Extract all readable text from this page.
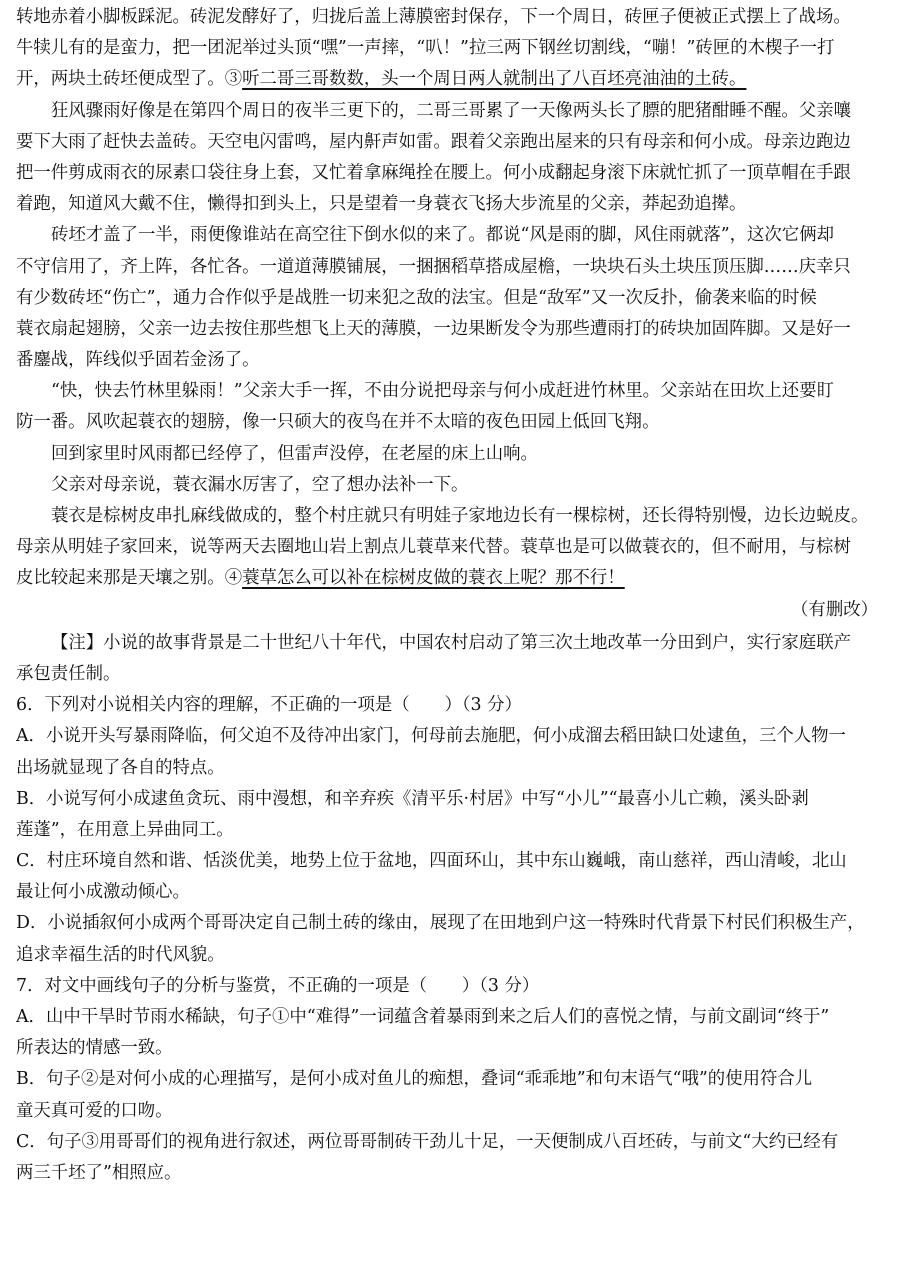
转地赤着小脚板踩泥。砖泥发酵好了，归拢后盖上薄膜密封保存，下一个周日，砖匣子便被正式摆上了战场。
牛犊儿有的是蛮力，把一团泥举过头顶“嘿”一声摔，“叭！”拉三两下钢丝切割线，“嘣！”砖匣的木楔子一打
开，两块土砖坯便成型了。③听二哥三哥数数，头一个周日两人就制出了八百坯亮油油的土砖。
狂风骤雨好像是在第四个周日的夜半三更下的，二哥三哥累了一天像两头长了膘的肥猪酣睡不醒。父亲嚷
要下大雨了赶快去盖砖。天空电闪雷鸣，屋内鼾声如雷。跟着父亲跑出屋来的只有母亲和何小成。母亲边跑边
把一件剪成雨衣的尿素口袋往身上套，又忙着拿麻绳拴在腰上。何小成翻起身滚下床就忙抓了一顶草帽在手跟
着跑，知道风大戴不住，懒得扣到头上，只是望着一身蓑衣飞扬大步流星的父亲，莽起劲追撵。
砖坯才盖了一半，雨便像谁站在高空往下倒水似的来了。都说“风是雨的脚，风住雨就落”，这次它俩却
不守信用了，齐上阵，各忙各。一道道薄膜铺展，一捆捆稻草搭成屋檐，一块块石头土块压顶压脚……庆幸只
有少数砖坯“伤亡”，通力合作似乎是战胜一切来犯之敌的法宝。但是“敌军”又一次反扑，偷袭来临的时候
蓑衣扇起翅膀，父亲一边去按住那些想飞上天的薄膜，一边果断发令为那些遭雨打的砖块加固阵脚。又是好一
番鏖战，阵线似乎固若金汤了。
“快，快去竹林里躲雨！”父亲大手一挥，不由分说把母亲与何小成赶进竹林里。父亲站在田坎上还要盯
防一番。风吹起蓑衣的翅膀，像一只硕大的夜鸟在并不太暗的夜色田园上低回飞翔。
回到家里时风雨都已经停了，但雷声没停，在老屋的床上山响。
父亲对母亲说，蓑衣漏水厉害了，空了想办法补一下。
蓑衣是棕树皮串扎麻线做成的，整个村庄就只有明娃子家地边长有一棵棕树，还长得特别慢，边长边蜕皮。
母亲从明娃子家回来，说等两天去圈地山岩上割点儿蓑草来代替。蓑草也是可以做蓑衣的，但不耐用，与棕树
皮比较起来那是天壤之别。④蓑草怎么可以补在棕树皮做的蓑衣上呢？那不行！
（有删改）
【注】小说的故事背景是二十世纪八十年代，中国农村启动了第三次土地改革一分田到户，实行家庭联产
承包责任制。
6．下列对小说相关内容的理解，不正确的一项是（　　）（3 分）
A．小说开头写暴雨降临，何父迫不及待冲出家门，何母前去施肥，何小成溜去稻田缺口处逮鱼，三个人物一
出场就显现了各自的特点。
B．小说写何小成逮鱼贪玩、雨中漫想，和辛弃疾《清平乐·村居》中写“小儿”“最喜小儿亡赖，溪头卧剥
莲蓬”，在用意上异曲同工。
C．村庄环境自然和谐、恬淡优美，地势上位于盆地，四面环山，其中东山巍峨，南山慈祥，西山清峻，北山
最让何小成激动倾心。
D．小说插叙何小成两个哥哥决定自己制土砖的缘由，展现了在田地到户这一特殊时代背景下村民们积极生产，
追求幸福生活的时代风貌。
7．对文中画线句子的分析与鉴赏，不正确的一项是（　　）（3 分）
A．山中干旱时节雨水稀缺，句子①中“难得”一词蕴含着暴雨到来之后人们的喜悦之情，与前文副词“终于”
所表达的情感一致。
B．句子②是对何小成的心理描写，是何小成对鱼儿的痴想，叠词“乖乖地”和句末语气“哦”的使用符合儿
童天真可爱的口吻。
C．句子③用哥哥们的视角进行叙述，两位哥哥制砖干劲儿十足，一天便制成八百坯砖，与前文“大约已经有
两三千坯了”相照应。
